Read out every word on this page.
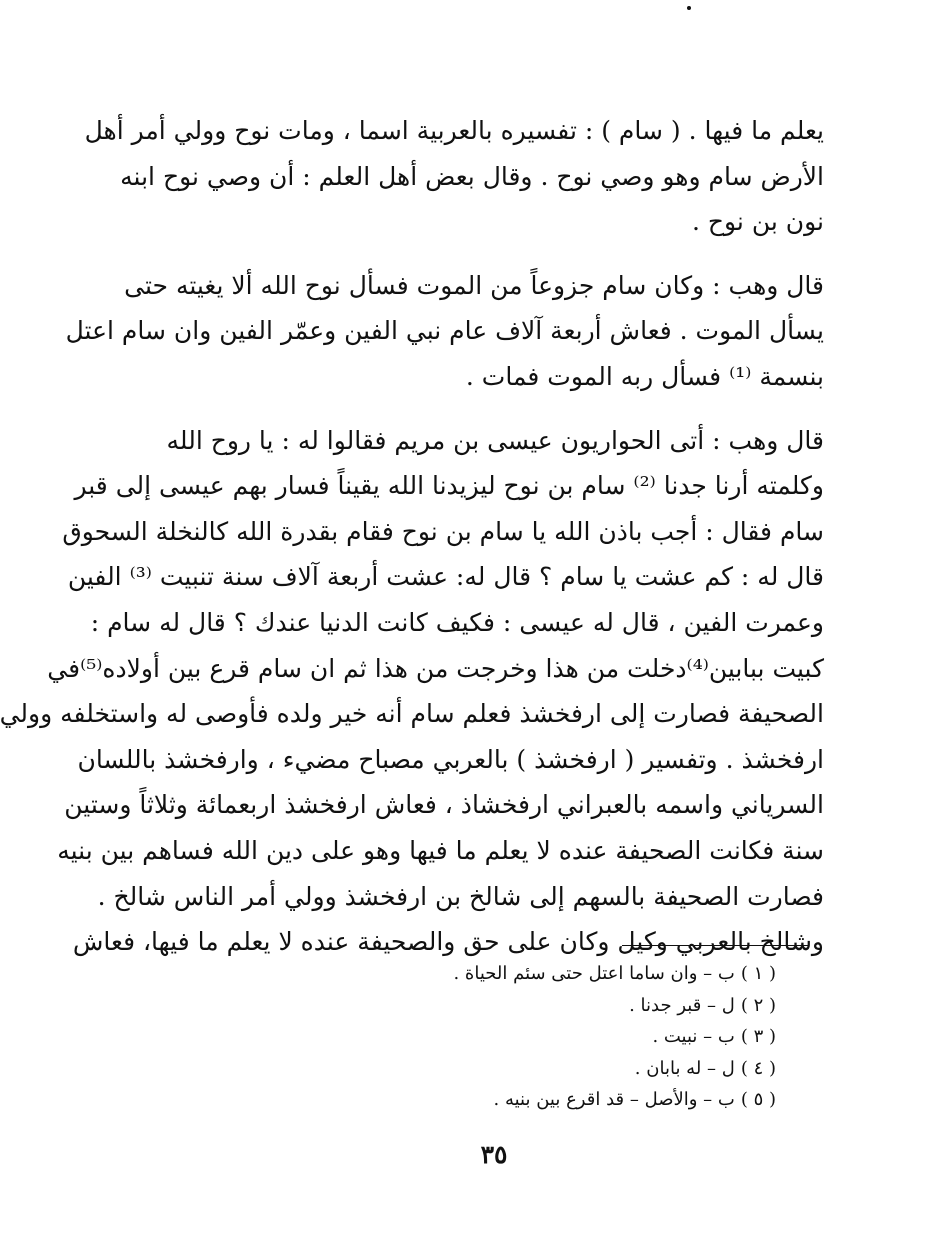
يعلم ما فيها . ( سام ) : تفسيره بالعربية اسما ، ومات نوح وولي أمر أهل
الأرض سام وهو وصي نوح . وقال بعض أهل العلم : أن وصي نوح ابنه
نون بن نوح .

قال وهب : وكان سام جزوعاً من الموت فسأل نوح الله ألا يغيته حتى
يسأل الموت . فعاش أربعة آلاف عام نبي الفين وعمّر الفين وان سام اعتل
بنسمة ⁽¹⁾ فسأل ربه الموت فمات .

قال وهب : أتى الحواريون عيسى بن مريم فقالوا له : يا روح الله
وكلمته أرنا جدنا ⁽²⁾ سام بن نوح ليزيدنا الله يقيناً فسار بهم عيسى إلى قبر
سام فقال : أجب باذن الله يا سام بن نوح فقام بقدرة الله كالنخلة السحوق
قال له : كم عشت يا سام ؟ قال له: عشت أربعة آلاف سنة تنبيت ⁽³⁾ الفين
وعمرت الفين ، قال له عيسى : فكيف كانت الدنيا عندك ؟ قال له سام :
كبيت ببابين⁽⁴⁾دخلت من هذا وخرجت من هذا ثم ان سام قرع بين أولاده⁽⁵⁾في
الصحيفة فصارت إلى ارفخشذ فعلم سام أنه خير ولده فأوصى له واستخلفه وولي
ارفخشذ . وتفسير ( ارفخشذ ) بالعربي مصباح مضيء ، وارفخشذ باللسان
السرياني واسمه بالعبراني ارفخشاذ ، فعاش ارفخشذ اربعمائة وثلاثاً وستين
سنة فكانت الصحيفة عنده لا يعلم ما فيها وهو على دين الله فساهم بين بنيه
فصارت الصحيفة بالسهم إلى شالخ بن ارفخشذ وولي أمر الناس شالخ .
وشالخ بالعربي وكيل وكان على حق والصحيفة عنده لا يعلم ما فيها، فعاش

( ١ )ب – وان ساما اعتل حتى سئم الحياة .
( ٢ )ل – قبر جدنا .
( ٣ )ب – نبيت .
( ٤ )ل – له بابان .
( ٥ )ب – والأصل – قد اقرع بين بنيه .
٣٥
